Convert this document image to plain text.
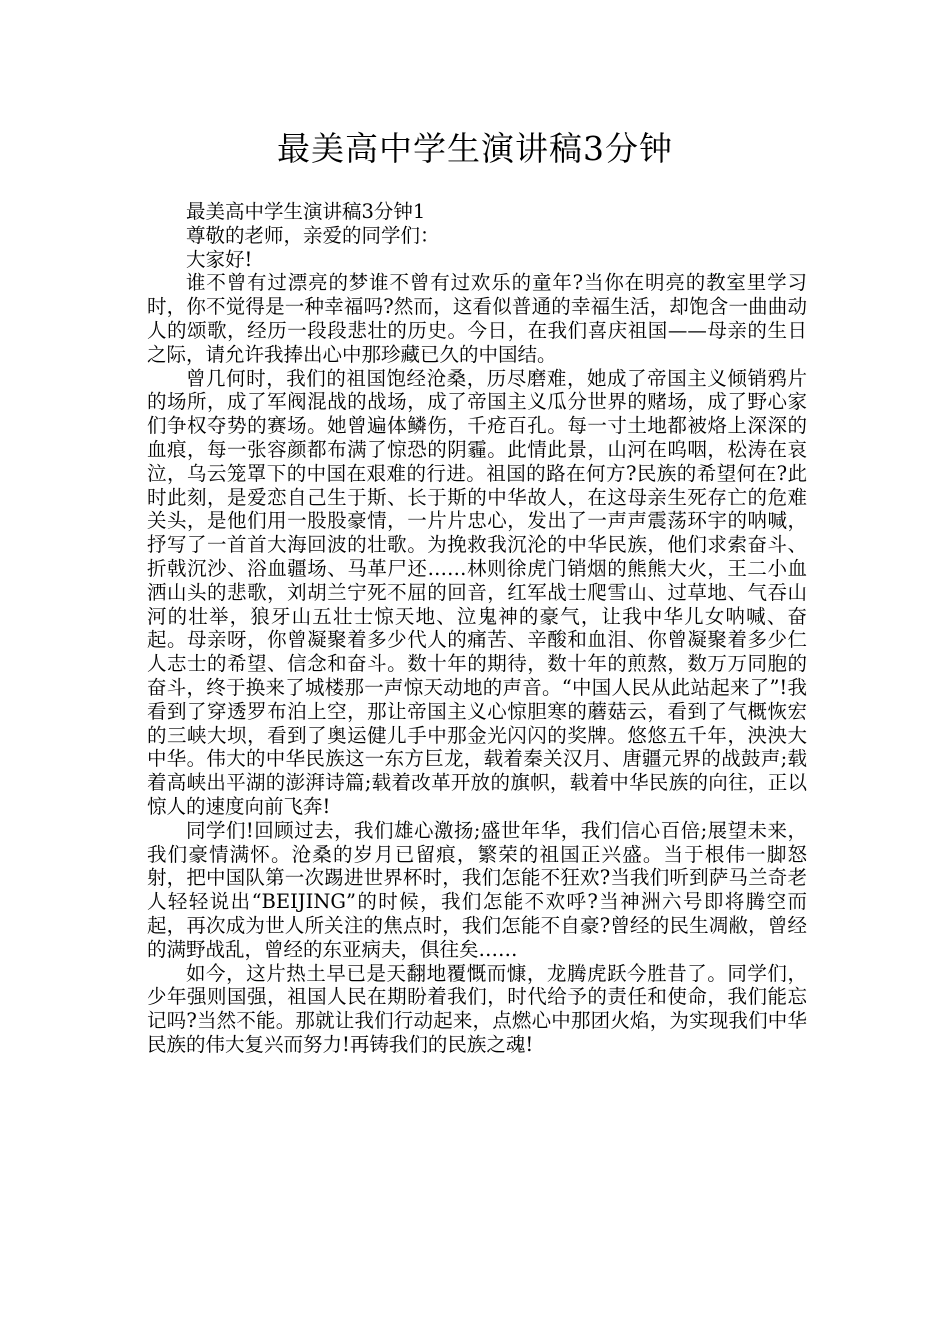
最美高中学生演讲稿3分钟

最美高中学生演讲稿3分钟1

尊敬的老师，亲爱的同学们：

大家好!

谁不曾有过漂亮的梦谁不曾有过欢乐的童年?当你在明亮的教室里学习时，你不觉得是一种幸福吗?然而，这看似普通的幸福生活，却饱含一曲曲动人的颂歌，经历一段段悲壮的历史。今日，在我们喜庆祖国——母亲的生日之际，请允许我捧出心中那珍藏已久的中国结。

曾几何时，我们的祖国饱经沧桑，历尽磨难，她成了帝国主义倾销鸦片的场所，成了军阀混战的战场，成了帝国主义瓜分世界的赌场，成了野心家们争权夺势的赛场。她曾遍体鳞伤，千疮百孔。每一寸土地都被烙上深深的血痕，每一张容颜都布满了惊恐的阴霾。此情此景，山河在呜咽，松涛在哀泣，乌云笼罩下的中国在艰难的行进。祖国的路在何方?民族的希望何在?此时此刻，是爱恋自己生于斯、长于斯的中华故人，在这母亲生死存亡的危难关头，是他们用一股股豪情，一片片忠心，发出了一声声震荡环宇的呐喊，抒写了一首首大海回波的壮歌。为挽救我沉沦的中华民族，他们求索奋斗、折戟沉沙、浴血疆场、马革尸还……林则徐虎门销烟的熊熊大火，王二小血洒山头的悲歌，刘胡兰宁死不屈的回音，红军战士爬雪山、过草地、气吞山河的壮举，狼牙山五壮士惊天地、泣鬼神的豪气，让我中华儿女呐喊、奋起。母亲呀，你曾凝聚着多少代人的痛苦、辛酸和血泪、你曾凝聚着多少仁人志士的希望、信念和奋斗。数十年的期待，数十年的煎熬，数万万同胞的奋斗，终于换来了城楼那一声惊天动地的声音。“中国人民从此站起来了”!我看到了穿透罗布泊上空，那让帝国主义心惊胆寒的蘑菇云，看到了气概恢宏的三峡大坝，看到了奥运健儿手中那金光闪闪的奖牌。悠悠五千年，泱泱大中华。伟大的中华民族这一东方巨龙，载着秦关汉月、唐疆元界的战鼓声;载着高峡出平湖的澎湃诗篇;载着改革开放的旗帜，载着中华民族的向往，正以惊人的速度向前飞奔!

同学们!回顾过去，我们雄心激扬;盛世年华，我们信心百倍;展望未来，我们豪情满怀。沧桑的岁月已留痕，繁荣的祖国正兴盛。当于根伟一脚怒射，把中国队第一次踢进世界杯时，我们怎能不狂欢?当我们听到萨马兰奇老人轻轻说出“BEIJING”的时候，我们怎能不欢呼?当神洲六号即将腾空而起，再次成为世人所关注的焦点时，我们怎能不自豪?曾经的民生凋敝，曾经的满野战乱，曾经的东亚病夫，俱往矣……

如今，这片热土早已是天翻地覆慨而慷，龙腾虎跃今胜昔了。同学们，少年强则国强，祖国人民在期盼着我们，时代给予的责任和使命，我们能忘记吗?当然不能。那就让我们行动起来，点燃心中那团火焰，为实现我们中华民族的伟大复兴而努力!再铸我们的民族之魂!
